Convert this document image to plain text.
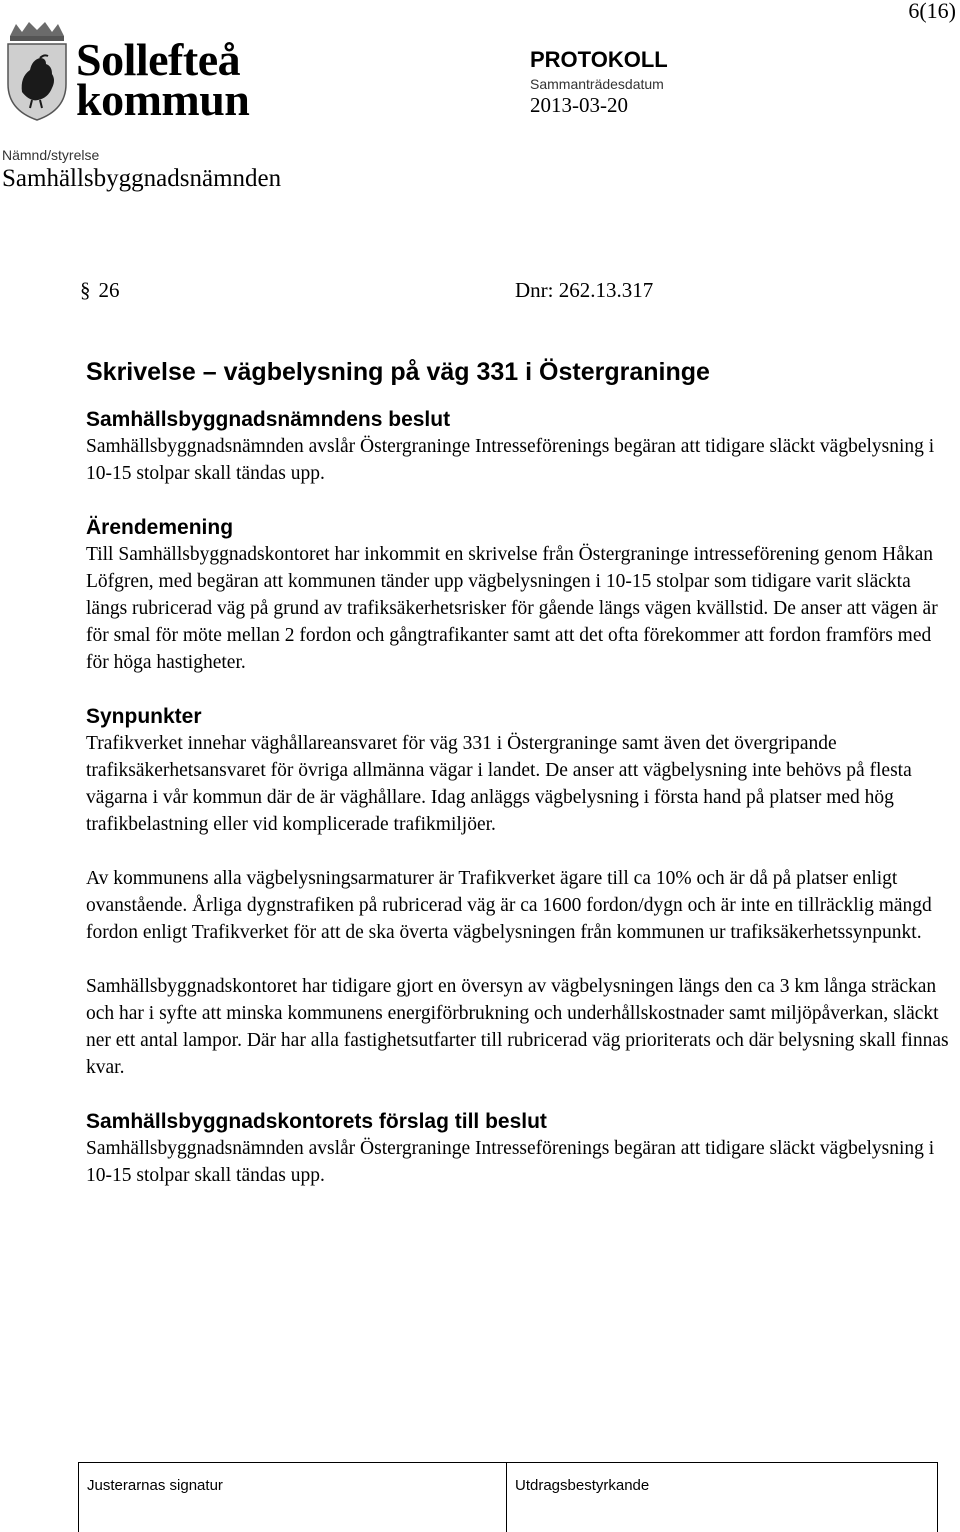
6(16)
Sollefteå
kommun
PROTOKOLL
Sammanträdesdatum
2013-03-20
Nämnd/styrelse
Samhällsbyggnadsnämnden
§ 26	Dnr: 262.13.317
Skrivelse – vägbelysning på väg 331 i Östergraninge
Samhällsbyggnadsnämndens beslut

Samhällsbyggnadsnämnden avslår Östergraninge Intresseförenings begäran att tidigare släckt vägbelysning i 10-15 stolpar skall tändas upp.

Ärendemening

Till Samhällsbyggnadskontoret har inkommit en skrivelse från Östergraninge intresseförening genom Håkan Löfgren, med begäran att kommunen tänder upp vägbelysningen i 10-15 stolpar som tidigare varit släckta längs rubricerad väg på grund av trafiksäkerhetsrisker för gående längs vägen kvällstid. De anser att vägen är för smal för möte mellan 2 fordon och gångtrafikanter samt att det ofta förekommer att fordon framförs med för höga hastigheter.

Synpunkter

Trafikverket innehar väghållareansvaret för väg 331 i Östergraninge samt även det övergripande trafiksäkerhetsansvaret för övriga allmänna vägar i landet. De anser att vägbelysning inte behövs på flesta vägarna i vår kommun där de är väghållare. Idag anläggs vägbelysning i första hand på platser med hög trafikbelastning eller vid komplicerade trafikmiljöer.

Av kommunens alla vägbelysningsarmaturer är Trafikverket ägare till ca 10% och är då på platser enligt ovanstående. Årliga dygnstrafiken på rubricerad väg är ca 1600 fordon/dygn och är inte en tillräcklig mängd fordon enligt Trafikverket för att de ska överta vägbelysningen från kommunen ur trafiksäkerhetssynpunkt.

Samhällsbyggnadskontoret har tidigare gjort en översyn av vägbelysningen längs den ca 3 km långa sträckan och har i syfte att minska kommunens energiförbrukning och underhållskostnader samt miljöpåverkan, släckt ner ett antal lampor. Där har alla fastighetsutfarter till rubricerad väg prioriterats och där belysning skall finnas kvar.

Samhällsbyggnadskontorets förslag till beslut

Samhällsbyggnadsnämnden avslår Östergraninge Intresseförenings begäran att tidigare släckt vägbelysning i 10-15 stolpar skall tändas upp.

Justerarnas signatur	Utdragsbestyrkande
